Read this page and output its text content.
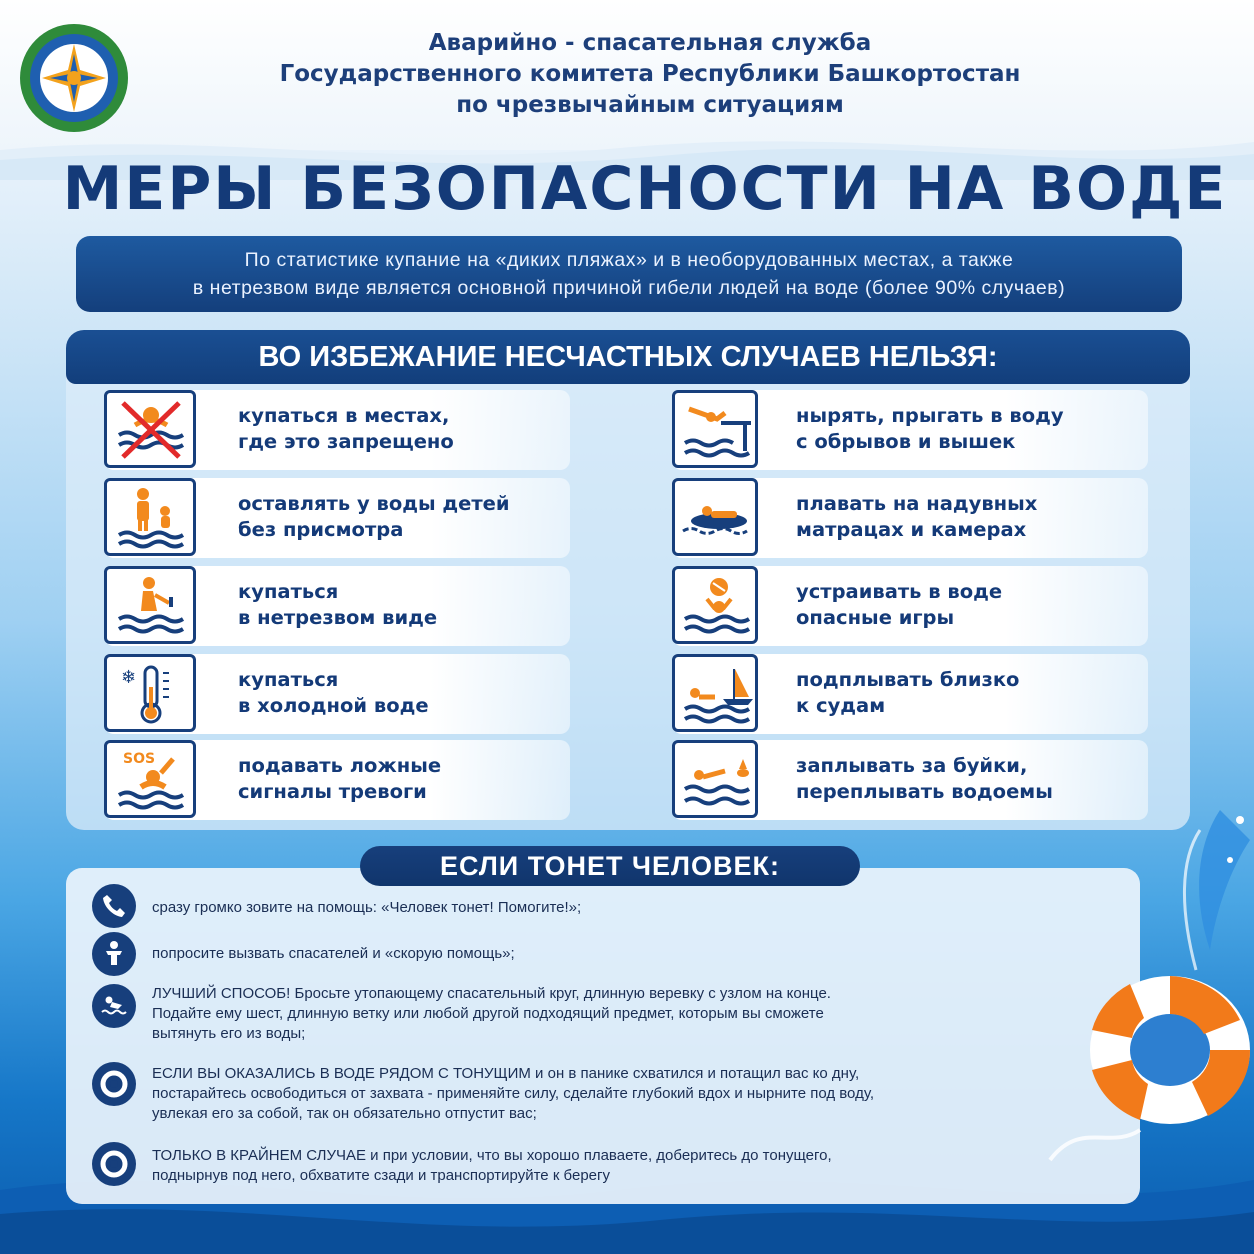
Аварийно - спасательная служба
Государственного комитета Республики Башкортостан
по чрезвычайным ситуациям
МЕРЫ БЕЗОПАСНОСТИ НА ВОДЕ
По статистике купание на «диких пляжах» и в необорудованных местах, а также
в нетрезвом виде является основной причиной гибели людей на воде (более 90% случаев)
ВО ИЗБЕЖАНИЕ НЕСЧАСТНЫХ СЛУЧАЕВ НЕЛЬЗЯ:
купаться в местах,
где это запрещено
оставлять у воды детей
без присмотра
купаться
в нетрезвом виде
❄	купаться
в холодной воде
SOS	подавать ложные
сигналы тревоги
нырять, прыгать в воду
с обрывов и вышек
плавать на надувных
матрацах и камерах
устраивать в воде
опасные игры
подплывать близко
к судам
заплывать за буйки,
переплывать водоемы
ЕСЛИ ТОНЕТ ЧЕЛОВЕК:
сразу громко зовите на помощь: «Человек тонет! Помогите!»;
попросите вызвать спасателей и «скорую помощь»;
ЛУЧШИЙ СПОСОБ! Бросьте утопающему спасательный круг, длинную веревку с узлом на конце.
Подайте ему шест, длинную ветку или любой другой подходящий предмет, которым вы сможете
вытянуть его из воды;
ЕСЛИ ВЫ ОКАЗАЛИСЬ В ВОДЕ РЯДОМ С ТОНУЩИМ и он в панике схватился и потащил вас ко дну,
постарайтесь освободиться от захвата - применяйте силу, сделайте глубокий вдох и нырните под воду,
увлекая его за собой, так он обязательно отпустит вас;
ТОЛЬКО В КРАЙНЕМ СЛУЧАЕ и при условии, что вы хорошо плаваете, доберитесь до тонущего,
поднырнув под него, обхватите сзади и транспортируйте к берегу
